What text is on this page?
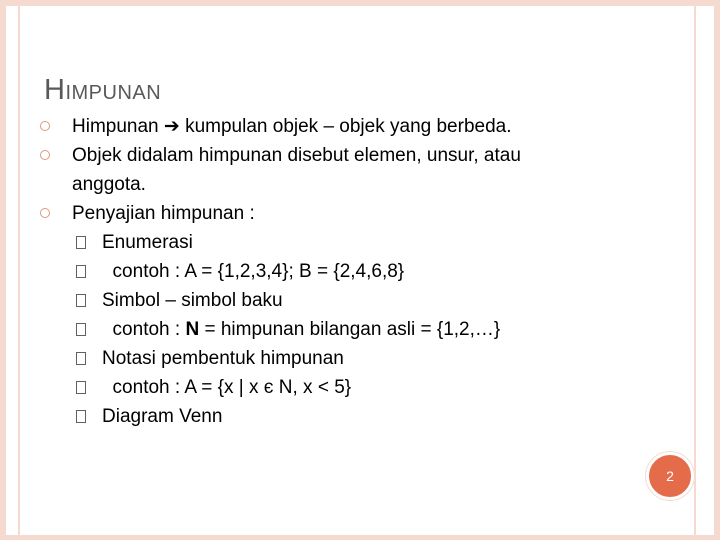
HIMPUNAN
Himpunan ➔ kumpulan objek – objek yang berbeda.
Objek didalam himpunan disebut elemen, unsur, atau
anggota.
Penyajian himpunan :
Enumerasi
contoh : A = {1,2,3,4}; B = {2,4,6,8}
Simbol – simbol baku
contoh : N = himpunan bilangan asli = {1,2,…}
Notasi pembentuk himpunan
contoh : A = {x | x є N, x < 5}
Diagram Venn
2
